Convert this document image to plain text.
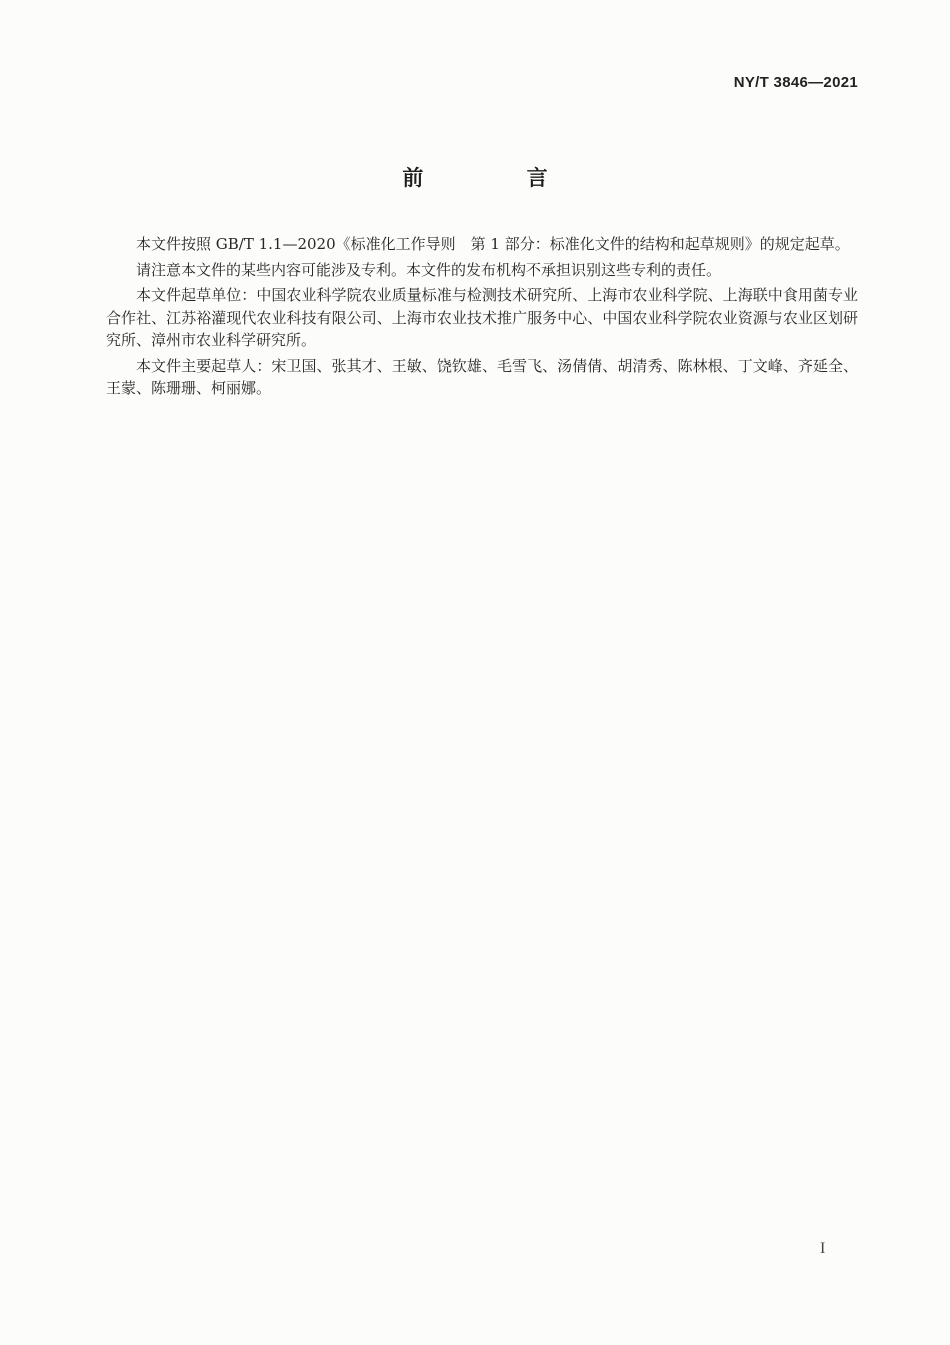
NY/T 3846—2021
前 言

本文件按照 GB/T 1.1—2020《标准化工作导则　第 1 部分：标准化文件的结构和起草规则》的规定起草。

请注意本文件的某些内容可能涉及专利。本文件的发布机构不承担识别这些专利的责任。

本文件起草单位：中国农业科学院农业质量标准与检测技术研究所、上海市农业科学院、上海联中食用菌专业合作社、江苏裕灌现代农业科技有限公司、上海市农业技术推广服务中心、中国农业科学院农业资源与农业区划研究所、漳州市农业科学研究所。

本文件主要起草人：宋卫国、张其才、王敏、饶钦雄、毛雪飞、汤倩倩、胡清秀、陈林根、丁文峰、齐延全、王蒙、陈珊珊、柯丽娜。

I
